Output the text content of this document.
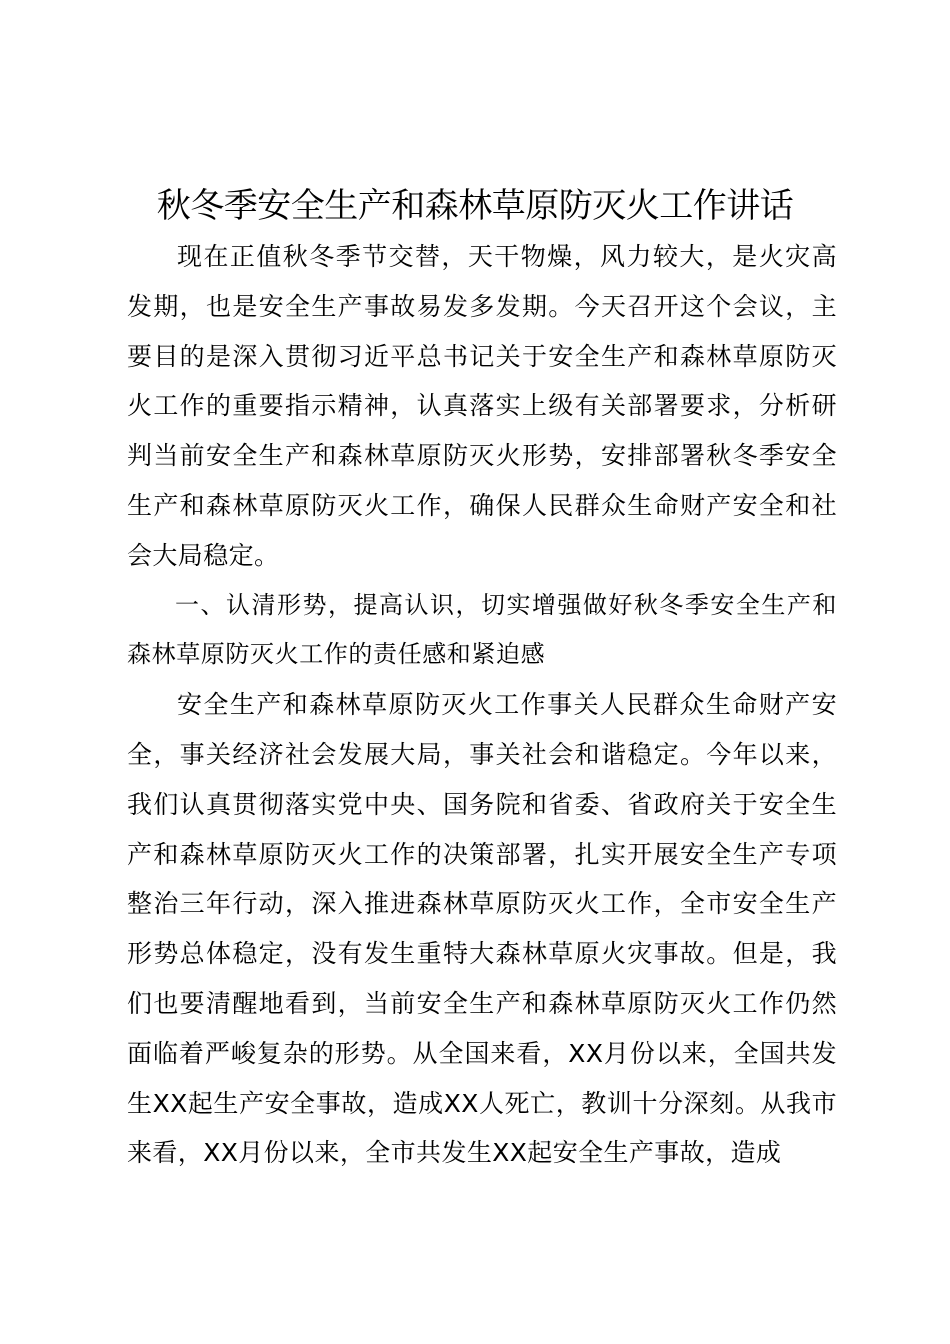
秋冬季安全生产和森林草原防灭火工作讲话

现在正值秋冬季节交替，天干物燥，风力较大，是火灾高发期，也是安全生产事故易发多发期。今天召开这个会议，主要目的是深入贯彻习近平总书记关于安全生产和森林草原防灭火工作的重要指示精神，认真落实上级有关部署要求，分析研判当前安全生产和森林草原防灭火形势，安排部署秋冬季安全生产和森林草原防灭火工作，确保人民群众生命财产安全和社会大局稳定。

一、认清形势，提高认识，切实增强做好秋冬季安全生产和森林草原防灭火工作的责任感和紧迫感

安全生产和森林草原防灭火工作事关人民群众生命财产安全，事关经济社会发展大局，事关社会和谐稳定。今年以来，我们认真贯彻落实党中央、国务院和省委、省政府关于安全生产和森林草原防灭火工作的决策部署，扎实开展安全生产专项整治三年行动，深入推进森林草原防灭火工作，全市安全生产形势总体稳定，没有发生重特大森林草原火灾事故。但是，我们也要清醒地看到，当前安全生产和森林草原防灭火工作仍然面临着严峻复杂的形势。从全国来看，XX月份以来，全国共发生XX起生产安全事故，造成XX人死亡，教训十分深刻。从我市来看，XX月份以来，全市共发生XX起安全生产事故，造成
